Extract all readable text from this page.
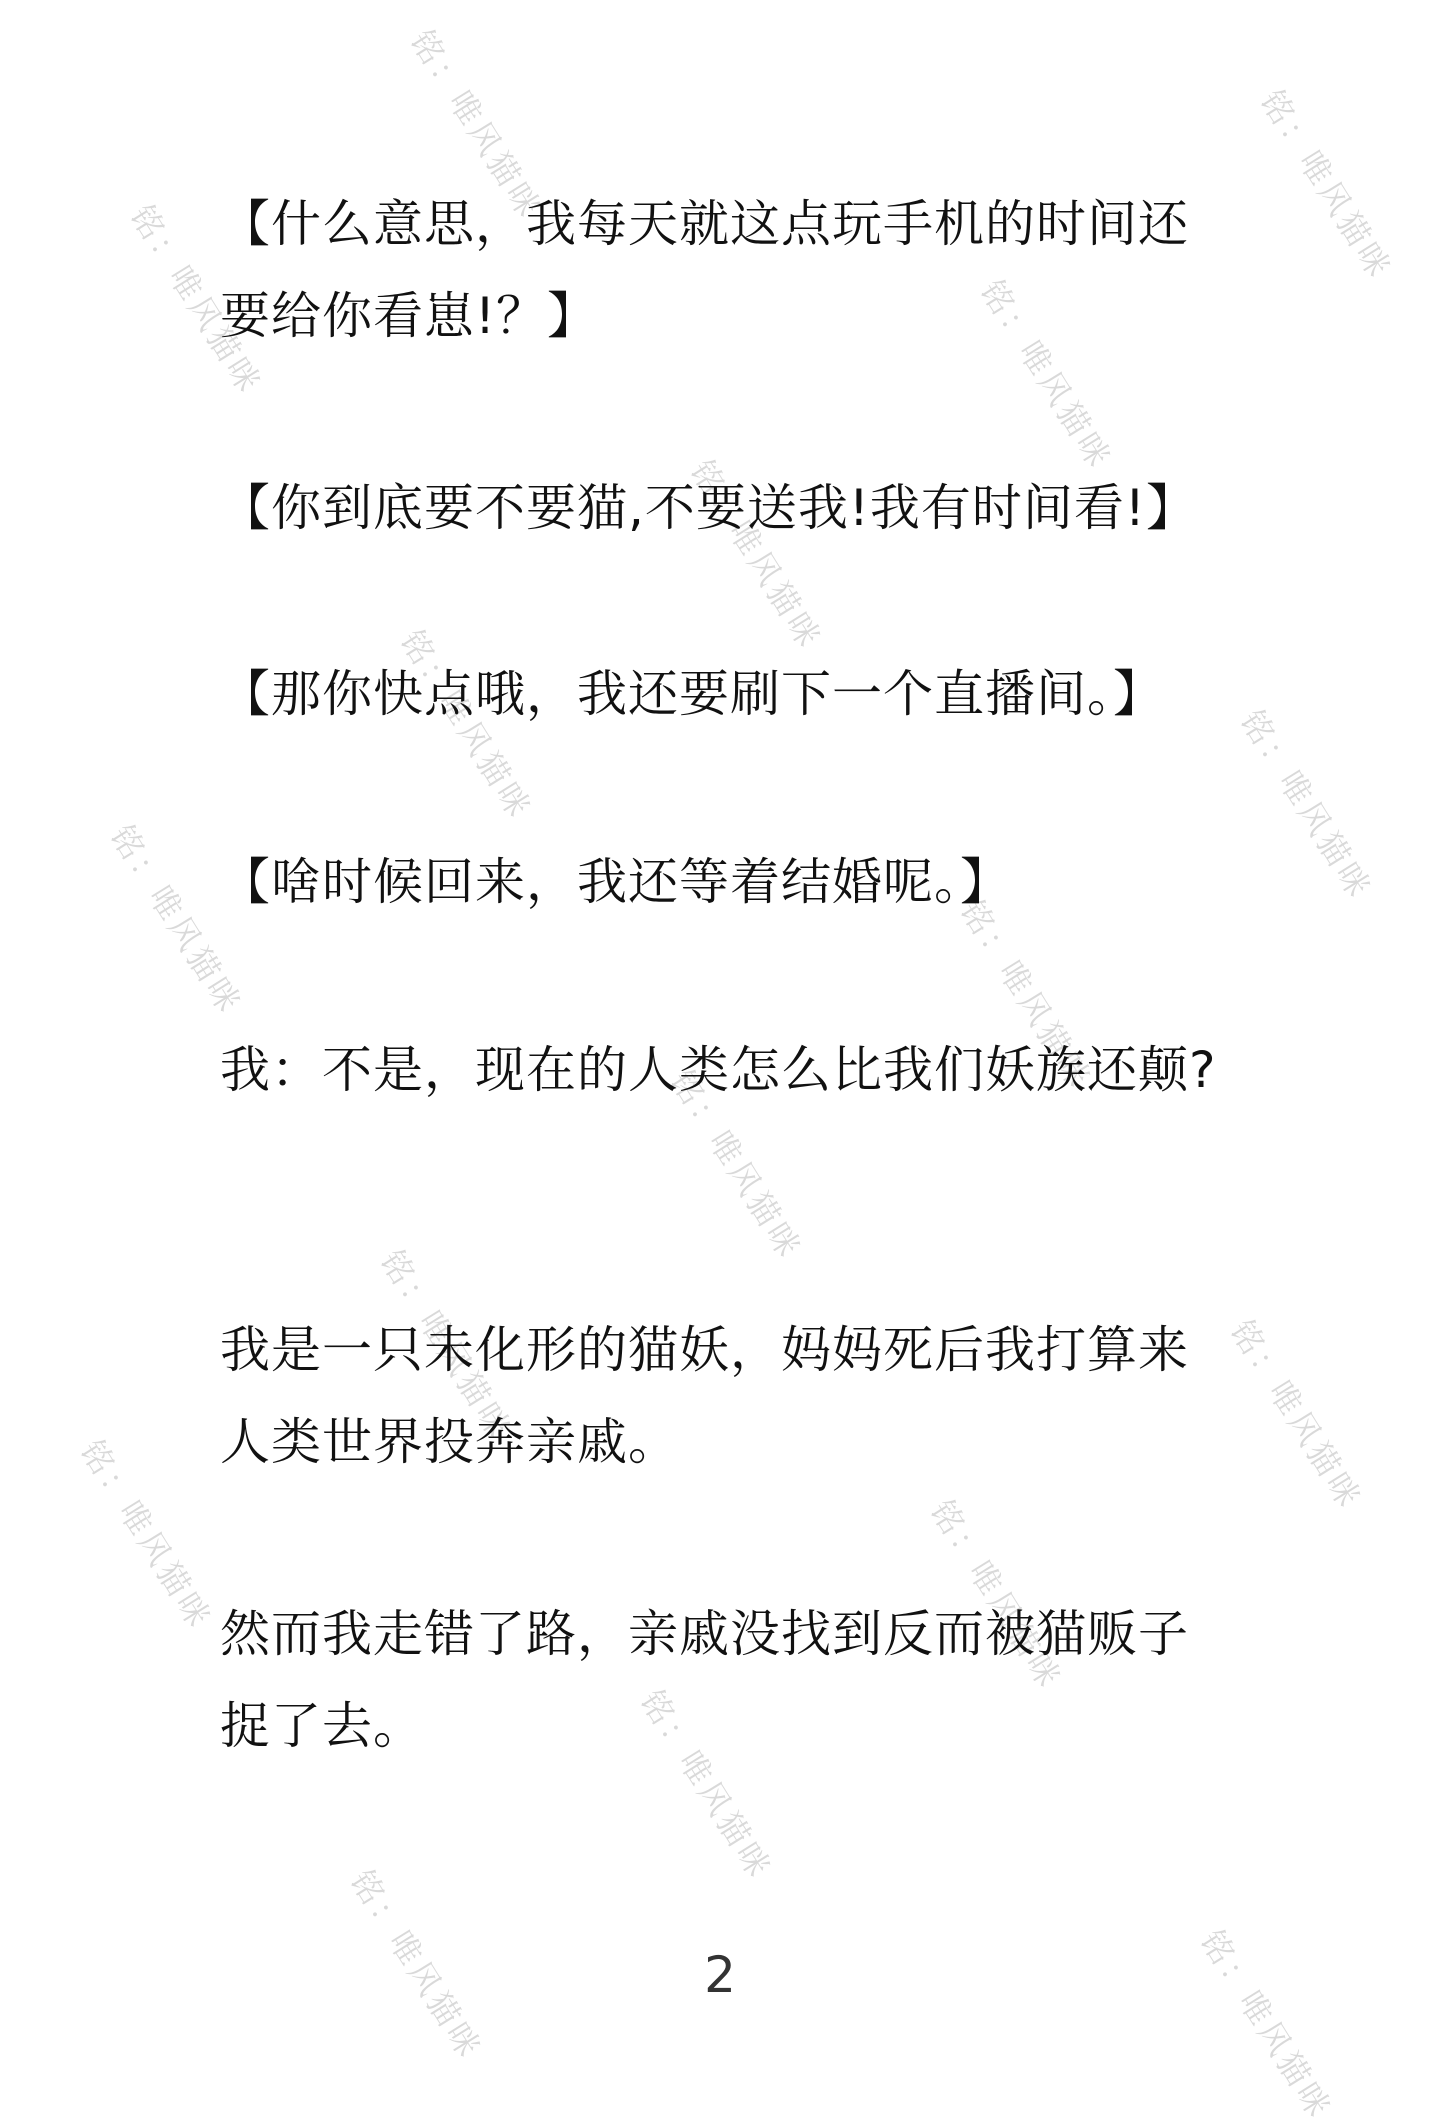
铭：唯风猫咪	铭：唯风猫咪
铭：唯风猫咪	铭：唯风猫咪
铭：唯风猫咪
铭：唯风猫咪	铭：唯风猫咪
铭：唯风猫咪	铭：唯风猫咪
铭：唯风猫咪
铭：唯风猫咪	铭：唯风猫咪
铭：唯风猫咪	铭：唯风猫咪
铭：唯风猫咪
铭：唯风猫咪	铭：唯风猫咪

【什么意思，我每天就这点玩手机的时间还要给你看崽!？】

【你到底要不要猫,不要送我!我有时间看!】

【那你快点哦，我还要刷下一个直播间。】

【啥时候回来，我还等着结婚呢。】

我：不是，现在的人类怎么比我们妖族还颠?

我是一只未化形的猫妖，妈妈死后我打算来人类世界投奔亲戚。

然而我走错了路，亲戚没找到反而被猫贩子捉了去。

2
